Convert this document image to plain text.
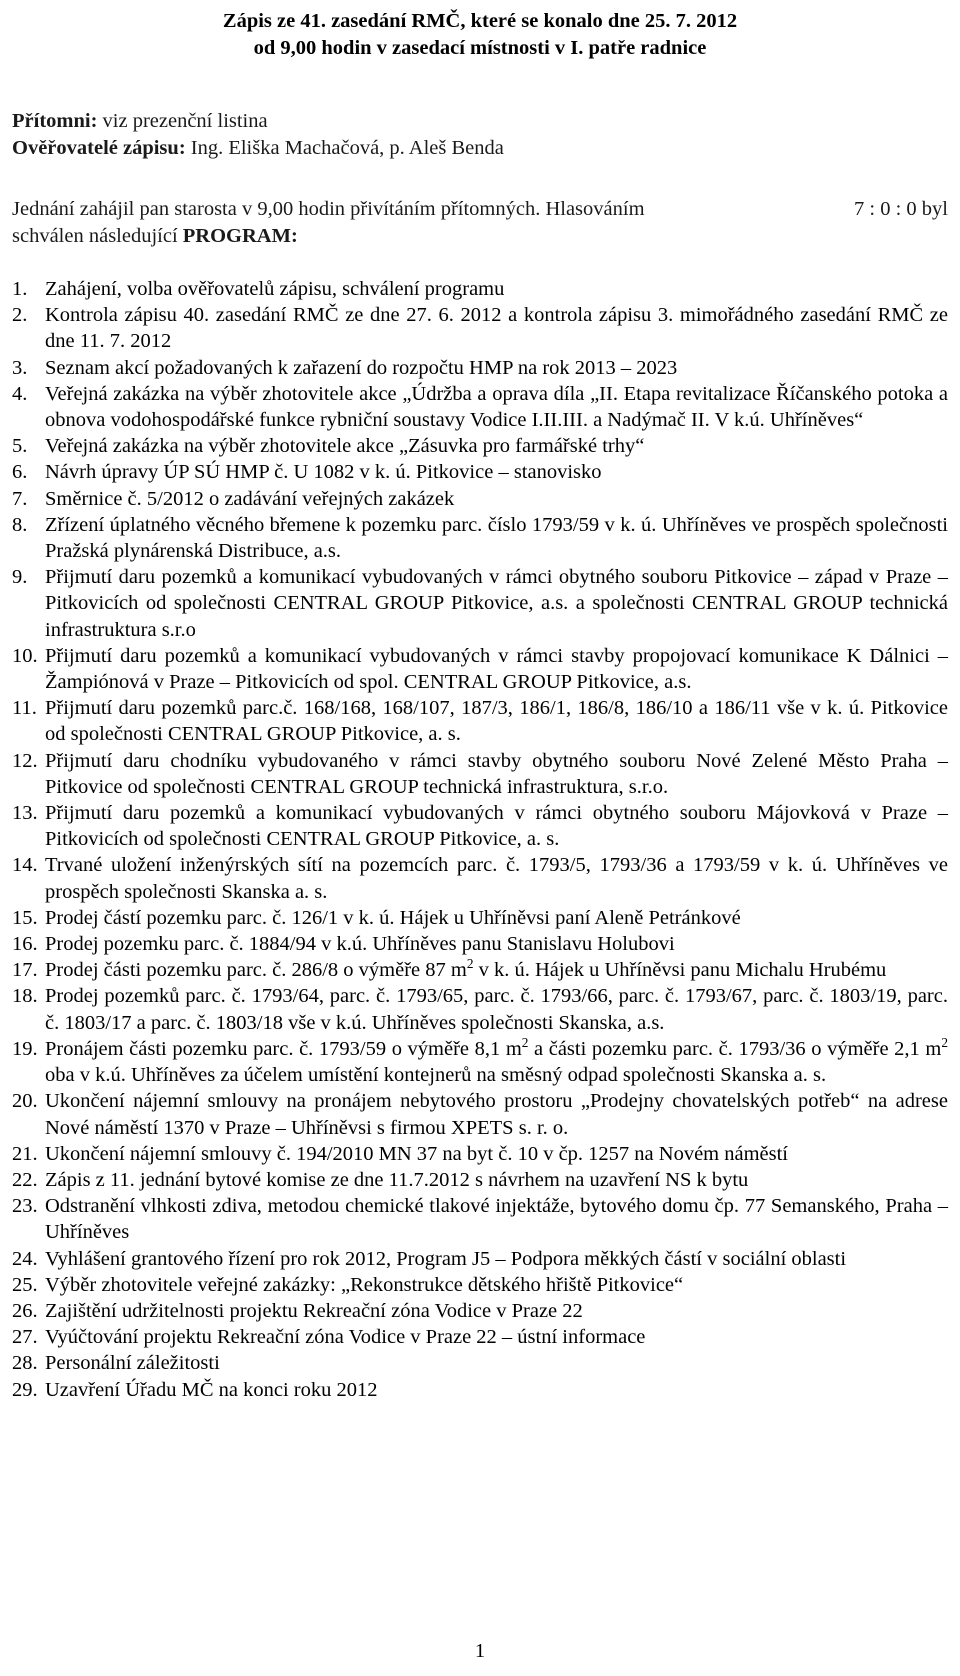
Zápis ze 41. zasedání RMČ, které se konalo dne 25. 7. 2012
od 9,00 hodin v zasedací místnosti v I. patře radnice
Přítomni: viz prezenční listina
Ověřovatelé zápisu: Ing. Eliška Machačová, p. Aleš Benda
Jednání zahájil pan starosta v 9,00 hodin přivítáním přítomných. Hlasováním	7 : 0 : 0 byl
schválen následující PROGRAM:
1. Zahájení, volba ověřovatelů zápisu, schválení programu
2. Kontrola zápisu 40. zasedání RMČ ze dne 27. 6. 2012 a kontrola zápisu 3. mimořádného zasedání RMČ ze dne 11. 7. 2012
3. Seznam akcí požadovaných k zařazení do rozpočtu HMP na rok 2013 – 2023
4. Veřejná zakázka na výběr zhotovitele akce „Údržba a oprava díla „II. Etapa revitalizace Říčanského potoka a obnova vodohospodářské funkce rybniční soustavy Vodice I.II.III. a Nadýmač II. V k.ú. Uhříněves“
5. Veřejná zakázka na výběr zhotovitele akce „Zásuvka pro farmářské trhy“
6. Návrh úpravy ÚP SÚ HMP č. U 1082 v k. ú. Pitkovice – stanovisko
7. Směrnice č. 5/2012 o zadávání veřejných zakázek
8. Zřízení úplatného věcného břemene k pozemku parc. číslo 1793/59 v k. ú. Uhříněves ve prospěch společnosti Pražská plynárenská Distribuce, a.s.
9. Přijmutí daru pozemků a komunikací vybudovaných v rámci obytného souboru Pitkovice – západ v Praze – Pitkovicích od společnosti CENTRAL GROUP Pitkovice, a.s. a společnosti CENTRAL GROUP technická infrastruktura s.r.o
10. Přijmutí daru pozemků a komunikací vybudovaných v rámci stavby propojovací komunikace K Dálnici – Žampiónová v Praze – Pitkovicích od spol. CENTRAL GROUP Pitkovice, a.s.
11. Přijmutí daru pozemků parc.č. 168/168, 168/107, 187/3, 186/1, 186/8, 186/10 a 186/11 vše v k. ú. Pitkovice od společnosti CENTRAL GROUP Pitkovice, a. s.
12. Přijmutí daru chodníku vybudovaného v rámci stavby obytného souboru Nové Zelené Město Praha – Pitkovice od společnosti CENTRAL GROUP technická infrastruktura, s.r.o.
13. Přijmutí daru pozemků a komunikací vybudovaných v rámci obytného souboru Májovková v Praze – Pitkovicích od společnosti CENTRAL GROUP Pitkovice, a. s.
14. Trvané uložení inženýrských sítí na pozemcích parc. č. 1793/5, 1793/36 a 1793/59 v k. ú. Uhříněves ve prospěch společnosti Skanska a. s.
15. Prodej částí pozemku parc. č. 126/1 v k. ú. Hájek u Uhříněvsi paní Aleně Petránkové
16. Prodej pozemku parc. č. 1884/94 v k.ú. Uhříněves panu Stanislavu Holubovi
17. Prodej části pozemku parc. č. 286/8 o výměře 87 $m^2$ v k. ú. Hájek u Uhříněvsi panu Michalu Hrubému
18. Prodej pozemků parc. č. 1793/64, parc. č. 1793/65, parc. č. 1793/66, parc. č. 1793/67, parc. č. 1803/19, parc. č. 1803/17 a parc. č. 1803/18 vše v k.ú. Uhříněves společnosti Skanska, a.s.
19. Pronájem části pozemku parc. č. 1793/59 o výměře 8,1 $m^2$ a části pozemku parc. č. 1793/36 o výměře 2,1 $m^2$ oba v k.ú. Uhříněves za účelem umístění kontejnerů na směsný odpad společnosti Skanska a. s.
20. Ukončení nájemní smlouvy na pronájem nebytového prostoru „Prodejny chovatelských potřeb“ na adrese Nové náměstí 1370 v Praze – Uhříněvsi s firmou XPETS s. r. o.
21. Ukončení nájemní smlouvy č. 194/2010 MN 37 na byt č. 10 v čp. 1257 na Novém náměstí
22. Zápis z 11. jednání bytové komise ze dne 11.7.2012 s návrhem na uzavření NS k bytu
23. Odstranění vlhkosti zdiva, metodou chemické tlakové injektáže, bytového domu čp. 77 Semanského, Praha – Uhříněves
24. Vyhlášení grantového řízení pro rok 2012, Program J5 – Podpora měkkých částí v sociální oblasti
25. Výběr zhotovitele veřejné zakázky: „Rekonstrukce dětského hřiště Pitkovice“
26. Zajištění udržitelnosti projektu Rekreační zóna Vodice v Praze 22
27. Vyúčtování projektu Rekreační zóna Vodice v Praze 22 – ústní informace
28. Personální záležitosti
29. Uzavření Úřadu MČ na konci roku 2012
1
